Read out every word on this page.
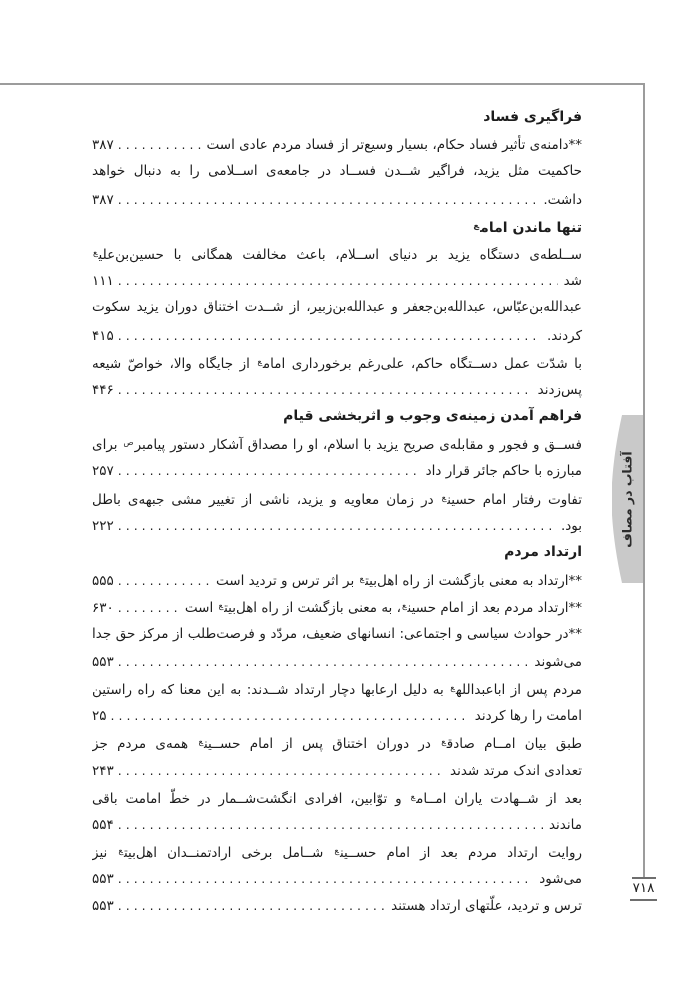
آفتاب در مصاف
فراگیری فساد
**دامنه‌ی تأثیر فساد حکام، بسیار وسیع‌تر از فساد مردم عادی است
.....
۳۸۷
حاکمیت مثل یزید، فراگیر شــدن فســاد در جامعه‌ی اســلامی را به دنبال خواهد
داشت.
.....
۳۸۷
تنها ماندن امام$^ع$
ســلطه‌ی دستگاه یزید بر دنیای اســلام، باعث مخالفت همگانی با حسین‌بن‌علی$^ع$
شد
.....
۱۱۱
عبدالله‌بن‌عبّاس، عبدالله‌بن‌جعفر و عبدالله‌بن‌زبیر، از شــدت اختناق دوران یزید سکوت
کردند.
.....
۴۱۵
با شدّت عمل دســتگاه حاکم، علی‌رغم برخورداری امام$^ع$ از جایگاه والا، خواصّ شیعه
پس‌زدند
.....
۴۴۶
فراهم آمدن زمینه‌ی وجوب و اثربخشی قیام
فســق و فجور و مقابله‌ی صریح یزید با اسلام، او را مصداق آشکار دستور پیامبر$^ص$ برای
مبارزه با حاکم جائر قرار داد
.....
۲۵۷
تفاوت رفتار امام حسین$^ع$ در زمان معاویه و یزید، ناشی از تغییر مشی جبهه‌ی باطل
بود.
.....
۲۲۲
ارتداد مردم
**ارتداد به معنی بازگشت از راه اهل‌بیت$^ع$ بر اثر ترس و تردید است
.....
۵۵۵
**ارتداد مردم بعد از امام حسین$^ع$، به معنی بازگشت از راه اهل‌بیت$^ع$ است
.....
۶۳۰
**در حوادث سیاسی و اجتماعی: انسانهای ضعیف، مردّد و فرصت‌طلب از مرکز حق جدا
می‌شوند
.....
۵۵۳
مردم پس از اباعبدالله$^ع$ به دلیل ارعابها دچار ارتداد شــدند: به این معنا که راه راستین
امامت را رها کردند
.....
۲۵
طبق بیان امــام صادق$^ع$ در دوران اختناق پس از امام حســین$^ع$ همه‌ی مردم جز
تعدادی اندک مرتد شدند
.....
۲۴۳
بعد از شــهادت یاران امــام$^ع$ و توّابین، افرادی انگشت‌شــمار در خطّ امامت باقی
ماندند
.....
۵۵۴
روایت ارتداد مردم بعد از امام حســین$^ع$ شــامل برخی ارادتمنــدان اهل‌بیت$^ع$ نیز
می‌شود
.....
۵۵۳
ترس و تردید، علّتهای ارتداد هستند
.....
۵۵۳
۷۱۸
